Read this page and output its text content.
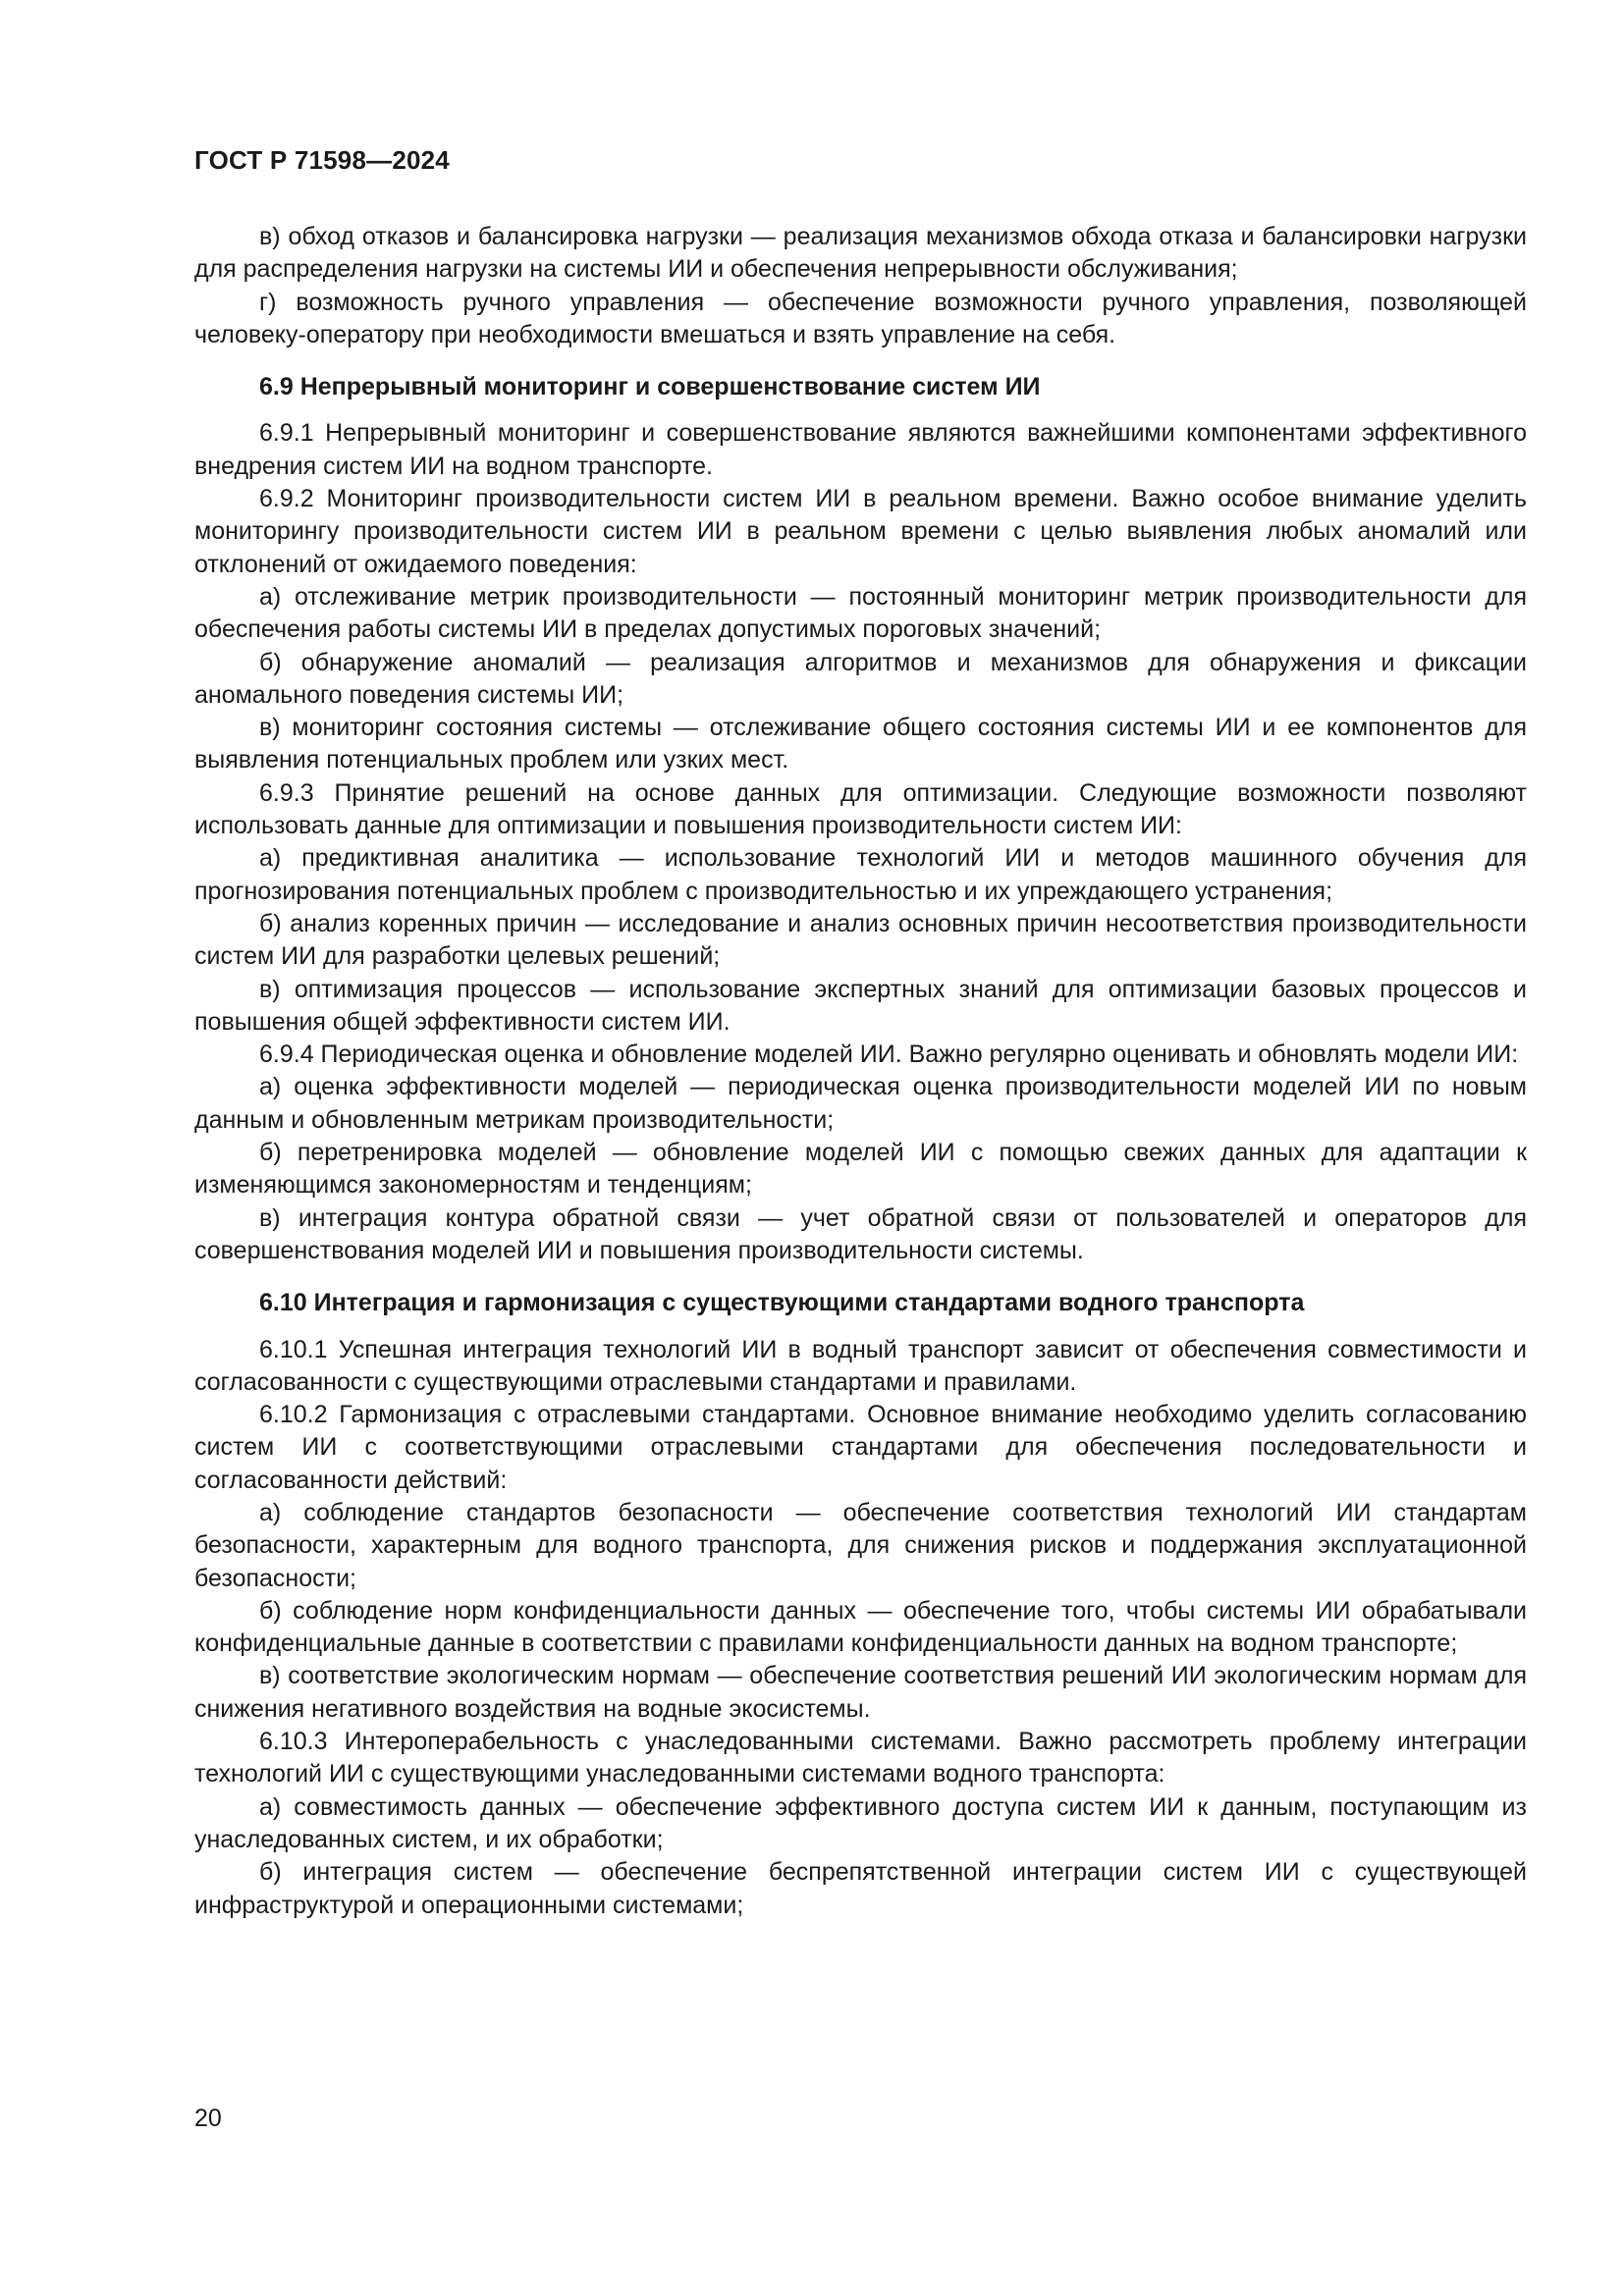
ГОСТ Р 71598—2024

в) обход отказов и балансировка нагрузки — реализация механизмов обхода отказа и балансировки нагрузки для распределения нагрузки на системы ИИ и обеспечения непрерывности обслуживания;

г) возможность ручного управления — обеспечение возможности ручного управления, позволяющей человеку-оператору при необходимости вмешаться и взять управление на себя.

6.9 Непрерывный мониторинг и совершенствование систем ИИ

6.9.1 Непрерывный мониторинг и совершенствование являются важнейшими компонентами эффективного внедрения систем ИИ на водном транспорте.

6.9.2 Мониторинг производительности систем ИИ в реальном времени. Важно особое внимание уделить мониторингу производительности систем ИИ в реальном времени с целью выявления любых аномалий или отклонений от ожидаемого поведения:

а) отслеживание метрик производительности — постоянный мониторинг метрик производительности для обеспечения работы системы ИИ в пределах допустимых пороговых значений;

б) обнаружение аномалий — реализация алгоритмов и механизмов для обнаружения и фиксации аномального поведения системы ИИ;

в) мониторинг состояния системы — отслеживание общего состояния системы ИИ и ее компонентов для выявления потенциальных проблем или узких мест.

6.9.3 Принятие решений на основе данных для оптимизации. Следующие возможности позволяют использовать данные для оптимизации и повышения производительности систем ИИ:

а) предиктивная аналитика — использование технологий ИИ и методов машинного обучения для прогнозирования потенциальных проблем с производительностью и их упреждающего устранения;

б) анализ коренных причин — исследование и анализ основных причин несоответствия производительности систем ИИ для разработки целевых решений;

в) оптимизация процессов — использование экспертных знаний для оптимизации базовых процессов и повышения общей эффективности систем ИИ.

6.9.4 Периодическая оценка и обновление моделей ИИ. Важно регулярно оценивать и обновлять модели ИИ:

а) оценка эффективности моделей — периодическая оценка производительности моделей ИИ по новым данным и обновленным метрикам производительности;

б) перетренировка моделей — обновление моделей ИИ с помощью свежих данных для адаптации к изменяющимся закономерностям и тенденциям;

в) интеграция контура обратной связи — учет обратной связи от пользователей и операторов для совершенствования моделей ИИ и повышения производительности системы.

6.10 Интеграция и гармонизация с существующими стандартами водного транспорта

6.10.1 Успешная интеграция технологий ИИ в водный транспорт зависит от обеспечения совместимости и согласованности с существующими отраслевыми стандартами и правилами.

6.10.2 Гармонизация с отраслевыми стандартами. Основное внимание необходимо уделить согласованию систем ИИ с соответствующими отраслевыми стандартами для обеспечения последовательности и согласованности действий:

а) соблюдение стандартов безопасности — обеспечение соответствия технологий ИИ стандартам безопасности, характерным для водного транспорта, для снижения рисков и поддержания эксплуатационной безопасности;

б) соблюдение норм конфиденциальности данных — обеспечение того, чтобы системы ИИ обрабатывали конфиденциальные данные в соответствии с правилами конфиденциальности данных на водном транспорте;

в) соответствие экологическим нормам — обеспечение соответствия решений ИИ экологическим нормам для снижения негативного воздействия на водные экосистемы.

6.10.3 Интероперабельность с унаследованными системами. Важно рассмотреть проблему интеграции технологий ИИ с существующими унаследованными системами водного транспорта:

а) совместимость данных — обеспечение эффективного доступа систем ИИ к данным, поступающим из унаследованных систем, и их обработки;

б) интеграция систем — обеспечение беспрепятственной интеграции систем ИИ с существующей инфраструктурой и операционными системами;

20
